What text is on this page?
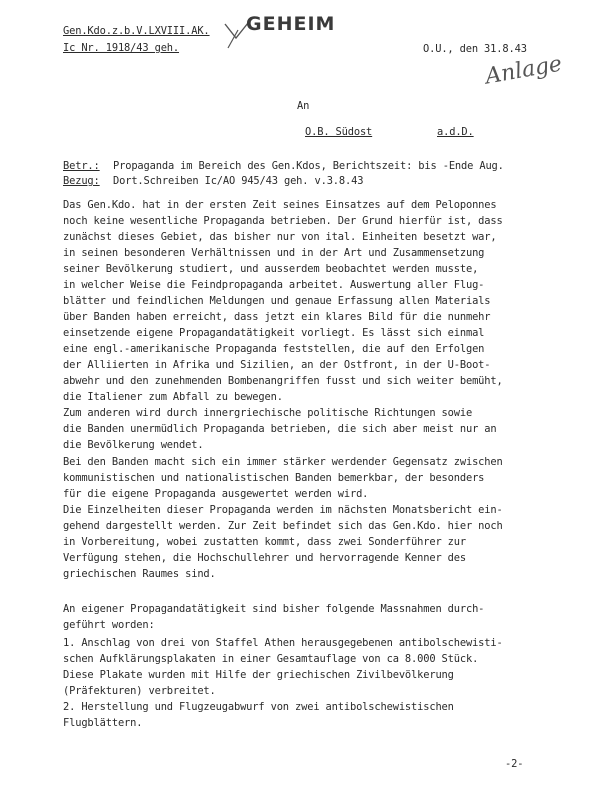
Gen.Kdo.z.b.V.LXVIII.AK.
Ic Nr. 1918/43 geh.
GEHEIM
O.U., den 31.8.43
Anlage
An
O.B. Südost	a.d.D.
Betr.: Propaganda im Bereich des Gen.Kdos, Berichtszeit: bis -Ende Aug.
Bezug: Dort.Schreiben Ic/AO 945/43 geh. v.3.8.43
Das Gen.Kdo. hat in der ersten Zeit seines Einsatzes auf dem Peloponnes
noch keine wesentliche Propaganda betrieben. Der Grund hierfür ist, dass
zunächst dieses Gebiet, das bisher nur von ital. Einheiten besetzt war,
in seinen besonderen Verhältnissen und in der Art und Zusammensetzung
seiner Bevölkerung studiert, und ausserdem beobachtet werden musste,
in welcher Weise die Feindpropaganda arbeitet. Auswertung aller Flug-
blätter und feindlichen Meldungen und genaue Erfassung allen Materials
über Banden haben erreicht, dass jetzt ein klares Bild für die nunmehr
einsetzende eigene Propagandatätigkeit vorliegt. Es lässt sich einmal
eine engl.-amerikanische Propaganda feststellen, die auf den Erfolgen
der Alliierten in Afrika und Sizilien, an der Ostfront, in der U-Boot-
abwehr und den zunehmenden Bombenangriffen fusst und sich weiter bemüht,
die Italiener zum Abfall zu bewegen.
Zum anderen wird durch innergriechische politische Richtungen sowie
die Banden unermüdlich Propaganda betrieben, die sich aber meist nur an
die Bevölkerung wendet.
Bei den Banden macht sich ein immer stärker werdender Gegensatz zwischen
kommunistischen und nationalistischen Banden bemerkbar, der besonders
für die eigene Propaganda ausgewertet werden wird.
Die Einzelheiten dieser Propaganda werden im nächsten Monatsbericht ein-
gehend dargestellt werden. Zur Zeit befindet sich das Gen.Kdo. hier noch
in Vorbereitung, wobei zustatten kommt, dass zwei Sonderführer zur
Verfügung stehen, die Hochschullehrer und hervorragende Kenner des
griechischen Raumes sind.
An eigener Propagandatätigkeit sind bisher folgende Massnahmen durch-
geführt worden:
1. Anschlag von drei von Staffel Athen herausgegebenen antibolschewisti-
schen Aufklärungsplakaten in einer Gesamtauflage von ca 8.000 Stück.
Diese Plakate wurden mit Hilfe der griechischen Zivilbevölkerung
(Präfekturen) verbreitet.
2. Herstellung und Flugzeugabwurf von zwei antibolschewistischen
Flugblättern.
-2-
